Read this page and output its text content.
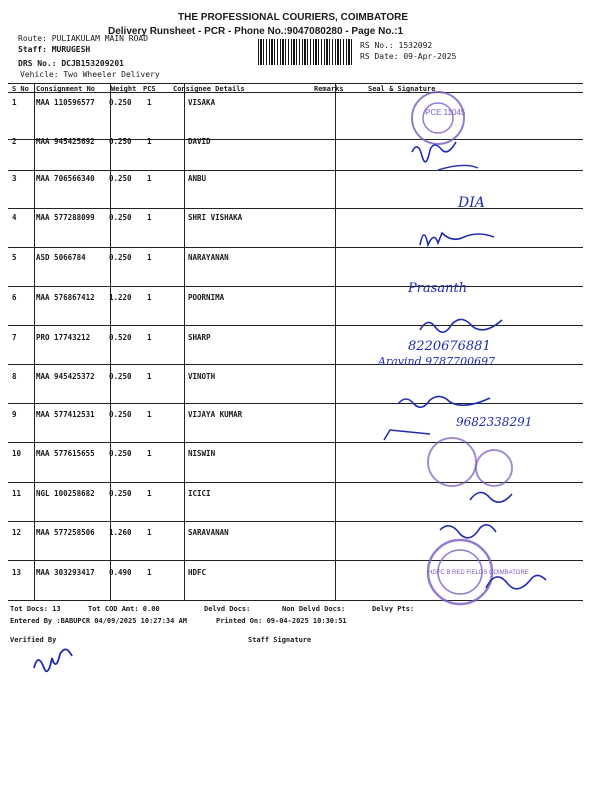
THE PROFESSIONAL COURIERS, COIMBATORE
Delivery Runsheet - PCR - Phone No.:9047080280 - Page No.:1
Route: PULIAKULAM MAIN ROAD
Staff: MURUGESH
DRS No.: DCJB153209201
Vehicle: Two Wheeler Delivery
RS No.: 1532092
RS Date: 09-Apr-2025
S No Consignment No Weight PCS Consignee Details	Remarks	Seal & Signature
1	MAA 110596577 0.250 1	VISAKA
2	MAA 945425692 0.250 1	DAVID
3	MAA 706566340 0.250 1	ANBU
4	MAA 577288099 0.250 1	SHRI VISHAKA
5	ASD 5066784	0.250 1	NARAYANAN
6	MAA 576867412 1.220 1	POORNIMA
7	PRO 17743212	0.520 1	SHARP
8	MAA 945425372 0.250 1	VINOTH
9	MAA 577412531 0.250 1	VIJAYA KUMAR
10 MAA 577615655 0.250 1	NISWIN
11 NGL 100258682 0.250 1	ICICI
12 MAA 577258506 1.260 1	SARAVANAN
13 MAA 303293417 0.490 1	HDFC
Tot Docs: 13	Tot COD Amt: 0.00	Delvd Docs:	Non Delvd Docs:	Delvy Pts:
Entered By :BABUPCR 04/09/2025 10:27:34 AM	Printed On: 09-04-2025 10:30:51
Verified By	Staff Signature
PCE 11045
DIA
Prasanth
8220676881
Aravind 9787700697
9682338291
HDFC B RED FIELDS COIMBATORE
